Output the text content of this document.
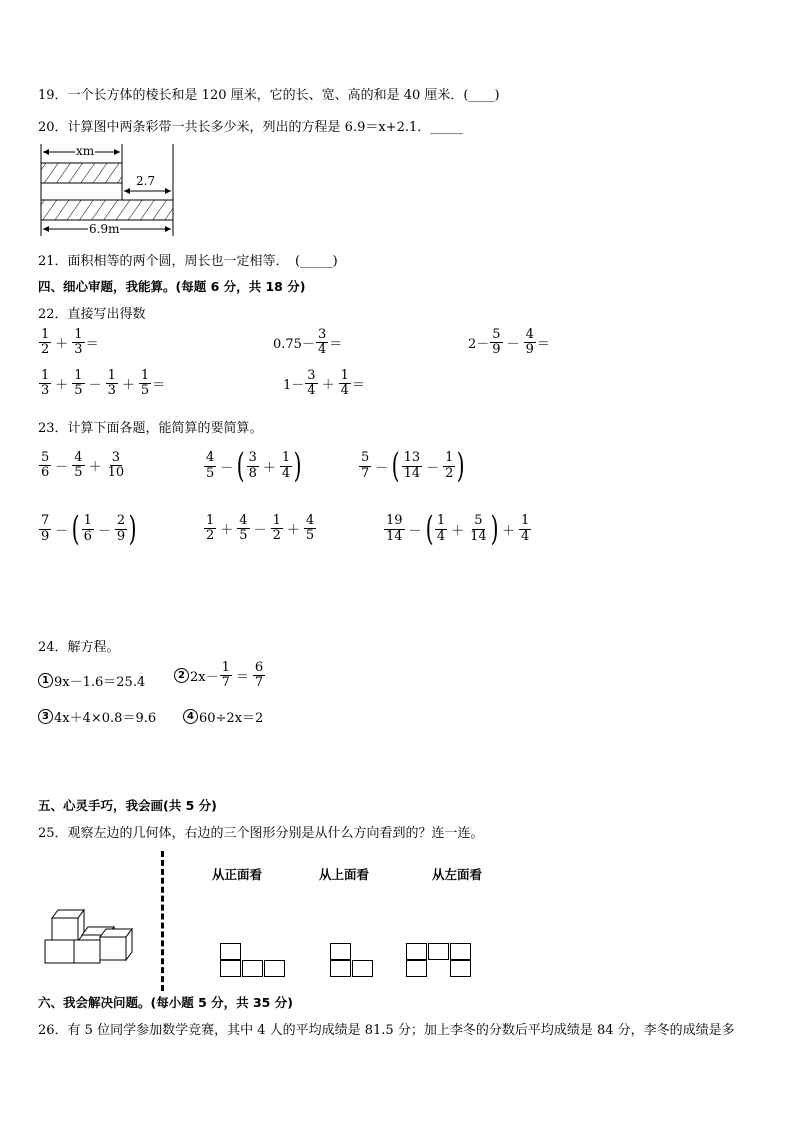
19．一个长方体的棱长和是 120 厘米，它的长、宽、高的和是 40 厘米．(____)
20．计算图中两条彩带一共长多少米，列出的方程是 6.9＝x+2.1．_____
xm
2.7
6.9m
21．面积相等的两个圆，周长也一定相等．　(_____)
四、细心审题，我能算。(每题 6 分，共 18 分)
22．直接写出得数
$\frac{1}{2} + \frac{1}{3}$ ＝	$0.75- \frac{3}{4}$ ＝	$2- \frac{5}{9} - \frac{4}{9}$ ＝
$\frac{1}{3} + \frac{1}{5} - \frac{1}{3} + \frac{1}{5}$ ＝	$1- \frac{3}{4} + \frac{1}{4}$ ＝
23．计算下面各题，能简算的要简算。
$\frac{5}{6} - \frac{4}{5} + \frac{3}{10}$	$\frac{4}{5}$ － ( $\frac{3}{8} + \frac{1}{4}$ )	$\frac{5}{7}$ － ( $\frac{13}{14} - \frac{1}{2}$ )
$\frac{7}{9}$ － ( $\frac{1}{6} - \frac{2}{9}$ )	$\frac{1}{2} + \frac{4}{5} - \frac{1}{2} + \frac{4}{5}$	$\frac{19}{14}$ － ( $\frac{1}{4} + \frac{5}{14}$ ) ＋ $\frac{1}{4}$
24．解方程。
1 9x－1.6＝25.4	2 $2x- \frac{1}{7} = \frac{6}{7}$
3 4x＋4×0.8＝9.6	4 60÷2x＝2
五、心灵手巧，我会画(共 5 分)
25．观察左边的几何体，右边的三个图形分别是从什么方向看到的？连一连。
从正面看	从上面看	从左面看
六、我会解决问题。(每小题 5 分，共 35 分)
26．有 5 位同学参加数学竞赛，其中 4 人的平均成绩是 81.5 分；加上李冬的分数后平均成绩是 84 分，李冬的成绩是多
